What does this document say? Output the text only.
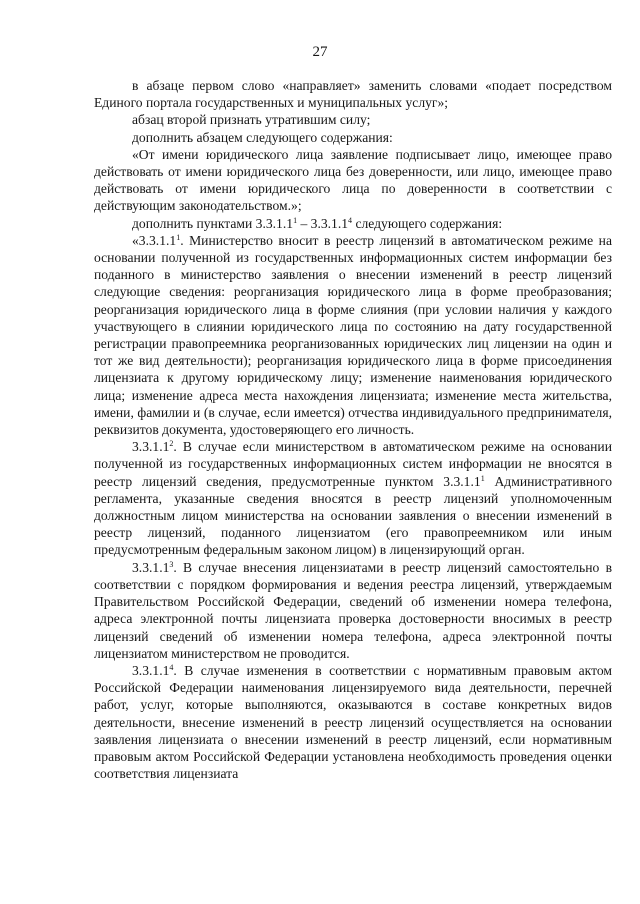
27

в абзаце первом слово «направляет» заменить словами «подает посредством Единого портала государственных и муниципальных услуг»;

абзац второй признать утратившим силу;

дополнить абзацем следующего содержания:

«От имени юридического лица заявление подписывает лицо, имеющее право действовать от имени юридического лица без доверенности, или лицо, имеющее право действовать от имени юридического лица по доверенности в соответствии с действующим законодательством.»;

дополнить пунктами 3.3.1.1$^1$ – 3.3.1.1$^4$ следующего содержания:

«3.3.1.1$^1$. Министерство вносит в реестр лицензий в автоматическом режиме на основании полученной из государственных информационных систем информации без поданного в министерство заявления о внесении изменений в реестр лицензий следующие сведения: реорганизация юридического лица в форме преобразования; реорганизация юридического лица в форме слияния (при условии наличия у каждого участвующего в слиянии юридического лица по состоянию на дату государственной регистрации правопреемника реорганизованных юридических лиц лицензии на один и тот же вид деятельности); реорганизация юридического лица в форме присоединения лицензиата к другому юридическому лицу; изменение наименования юридического лица; изменение адреса места нахождения лицензиата; изменение места жительства, имени, фамилии и (в случае, если имеется) отчества индивидуального предпринимателя, реквизитов документа, удостоверяющего его личность.

3.3.1.1$^2$. В случае если министерством в автоматическом режиме на основании полученной из государственных информационных систем информации не вносятся в реестр лицензий сведения, предусмотренные пунктом 3.3.1.1$^1$ Административного регламента, указанные сведения вносятся в реестр лицензий уполномоченным должностным лицом министерства на основании заявления о внесении изменений в реестр лицензий, поданного лицензиатом (его правопреемником или иным предусмотренным федеральным законом лицом) в лицензирующий орган.

3.3.1.1$^3$. В случае внесения лицензиатами в реестр лицензий самостоятельно в соответствии с порядком формирования и ведения реестра лицензий, утверждаемым Правительством Российской Федерации, сведений об изменении номера телефона, адреса электронной почты лицензиата проверка достоверности вносимых в реестр лицензий сведений об изменении номера телефона, адреса электронной почты лицензиатом министерством не проводится.

3.3.1.1$^4$. В случае изменения в соответствии с нормативным правовым актом Российской Федерации наименования лицензируемого вида деятельности, перечней работ, услуг, которые выполняются, оказываются в составе конкретных видов деятельности, внесение изменений в реестр лицензий осуществляется на основании заявления лицензиата о внесении изменений в реестр лицензий, если нормативным правовым актом Российской Федерации установлена необходимость проведения оценки соответствия лицензиата
